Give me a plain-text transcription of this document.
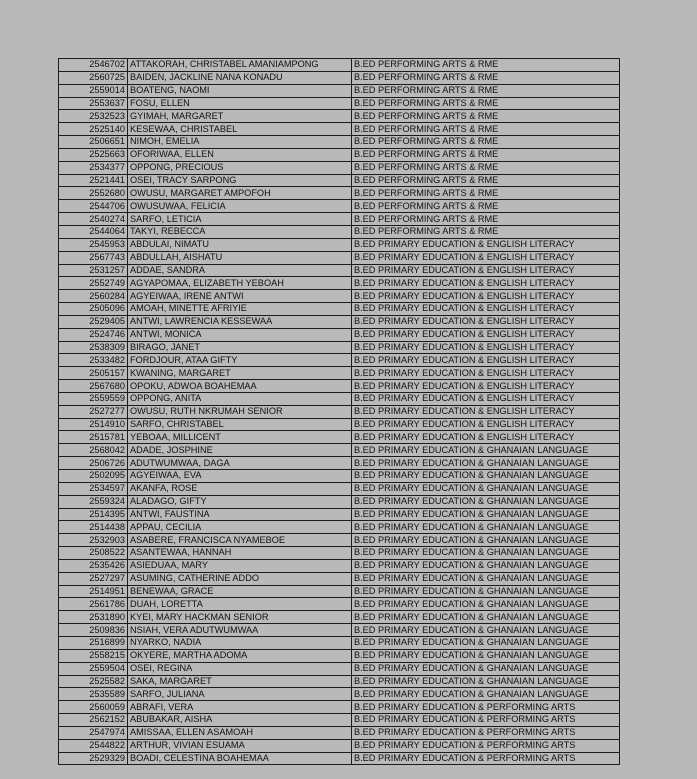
2546702	ATTAKORAH, CHRISTABEL AMANIAMPONG	B.ED PERFORMING ARTS & RME
2560725	BAIDEN, JACKLINE NANA KONADU	B.ED PERFORMING ARTS & RME
2559014	BOATENG, NAOMI	B.ED PERFORMING ARTS & RME
2553637	FOSU, ELLEN	B.ED PERFORMING ARTS & RME
2532523	GYIMAH, MARGARET	B.ED PERFORMING ARTS & RME
2525140	KESEWAA, CHRISTABEL	B.ED PERFORMING ARTS & RME
2506651	NIMOH, EMELIA	B.ED PERFORMING ARTS & RME
2525663	OFORIWAA, ELLEN	B.ED PERFORMING ARTS & RME
2534377	OPPONG, PRECIOUS	B.ED PERFORMING ARTS & RME
2521441	OSEI, TRACY SARPONG	B.ED PERFORMING ARTS & RME
2552680	OWUSU, MARGARET AMPOFOH	B.ED PERFORMING ARTS & RME
2544706	OWUSUWAA, FELICIA	B.ED PERFORMING ARTS & RME
2540274	SARFO, LETICIA	B.ED PERFORMING ARTS & RME
2544064	TAKYI, REBECCA	B.ED PERFORMING ARTS & RME
2545953	ABDULAI, NIMATU	B.ED PRIMARY EDUCATION & ENGLISH LITERACY
2567743	ABDULLAH, AISHATU	B.ED PRIMARY EDUCATION & ENGLISH LITERACY
2531257	ADDAE, SANDRA	B.ED PRIMARY EDUCATION & ENGLISH LITERACY
2552749	AGYAPOMAA, ELIZABETH YEBOAH	B.ED PRIMARY EDUCATION & ENGLISH LITERACY
2560284	AGYEIWAA, IRENE ANTWI	B.ED PRIMARY EDUCATION & ENGLISH LITERACY
2505096	AMOAH, MINETTE AFRIYIE	B.ED PRIMARY EDUCATION & ENGLISH LITERACY
2529405	ANTWI, LAWRENCIA KESSEWAA	B.ED PRIMARY EDUCATION & ENGLISH LITERACY
2524746	ANTWI, MONICA	B.ED PRIMARY EDUCATION & ENGLISH LITERACY
2538309	BIRAGO, JANET	B.ED PRIMARY EDUCATION & ENGLISH LITERACY
2533482	FORDJOUR, ATAA GIFTY	B.ED PRIMARY EDUCATION & ENGLISH LITERACY
2505157	KWANING, MARGARET	B.ED PRIMARY EDUCATION & ENGLISH LITERACY
2567680	OPOKU, ADWOA BOAHEMAA	B.ED PRIMARY EDUCATION & ENGLISH LITERACY
2559559	OPPONG, ANITA	B.ED PRIMARY EDUCATION & ENGLISH LITERACY
2527277	OWUSU, RUTH NKRUMAH SENIOR	B.ED PRIMARY EDUCATION & ENGLISH LITERACY
2514910	SARFO, CHRISTABEL	B.ED PRIMARY EDUCATION & ENGLISH LITERACY
2515781	YEBOAA, MILLICENT	B.ED PRIMARY EDUCATION & ENGLISH LITERACY
2568042	ADADE, JOSPHINE	B.ED PRIMARY EDUCATION & GHANAIAN LANGUAGE
2506726	ADUTWUMWAA, DAGA	B.ED PRIMARY EDUCATION & GHANAIAN LANGUAGE
2502095	AGYEIWAA, EVA	B.ED PRIMARY EDUCATION & GHANAIAN LANGUAGE
2534597	AKANFA, ROSE	B.ED PRIMARY EDUCATION & GHANAIAN LANGUAGE
2559324	ALADAGO, GIFTY	B.ED PRIMARY EDUCATION & GHANAIAN LANGUAGE
2514395	ANTWI, FAUSTINA	B.ED PRIMARY EDUCATION & GHANAIAN LANGUAGE
2514438	APPAU, CECILIA	B.ED PRIMARY EDUCATION & GHANAIAN LANGUAGE
2532903	ASABERE, FRANCISCA NYAMEBOE	B.ED PRIMARY EDUCATION & GHANAIAN LANGUAGE
2508522	ASANTEWAA, HANNAH	B.ED PRIMARY EDUCATION & GHANAIAN LANGUAGE
2535426	ASIEDUAA, MARY	B.ED PRIMARY EDUCATION & GHANAIAN LANGUAGE
2527297	ASUMING, CATHERINE ADDO	B.ED PRIMARY EDUCATION & GHANAIAN LANGUAGE
2514951	BENEWAA, GRACE	B.ED PRIMARY EDUCATION & GHANAIAN LANGUAGE
2561786	DUAH, LORETTA	B.ED PRIMARY EDUCATION & GHANAIAN LANGUAGE
2531890	KYEI, MARY HACKMAN SENIOR	B.ED PRIMARY EDUCATION & GHANAIAN LANGUAGE
2509836	NSIAH, VERA ADUTWUMWAA	B.ED PRIMARY EDUCATION & GHANAIAN LANGUAGE
2516899	NYARKO, NADIA	B.ED PRIMARY EDUCATION & GHANAIAN LANGUAGE
2558215	OKYERE, MARTHA ADOMA	B.ED PRIMARY EDUCATION & GHANAIAN LANGUAGE
2559504	OSEI, REGINA	B.ED PRIMARY EDUCATION & GHANAIAN LANGUAGE
2525582	SAKA, MARGARET	B.ED PRIMARY EDUCATION & GHANAIAN LANGUAGE
2535589	SARFO, JULIANA	B.ED PRIMARY EDUCATION & GHANAIAN LANGUAGE
2560059	ABRAFI, VERA	B.ED PRIMARY EDUCATION & PERFORMING ARTS
2562152	ABUBAKAR, AISHA	B.ED PRIMARY EDUCATION & PERFORMING ARTS
2547974	AMISSAA, ELLEN ASAMOAH	B.ED PRIMARY EDUCATION & PERFORMING ARTS
2544822	ARTHUR, VIVIAN ESUAMA	B.ED PRIMARY EDUCATION & PERFORMING ARTS
2529329	BOADI, CELESTINA BOAHEMAA	B.ED PRIMARY EDUCATION & PERFORMING ARTS
